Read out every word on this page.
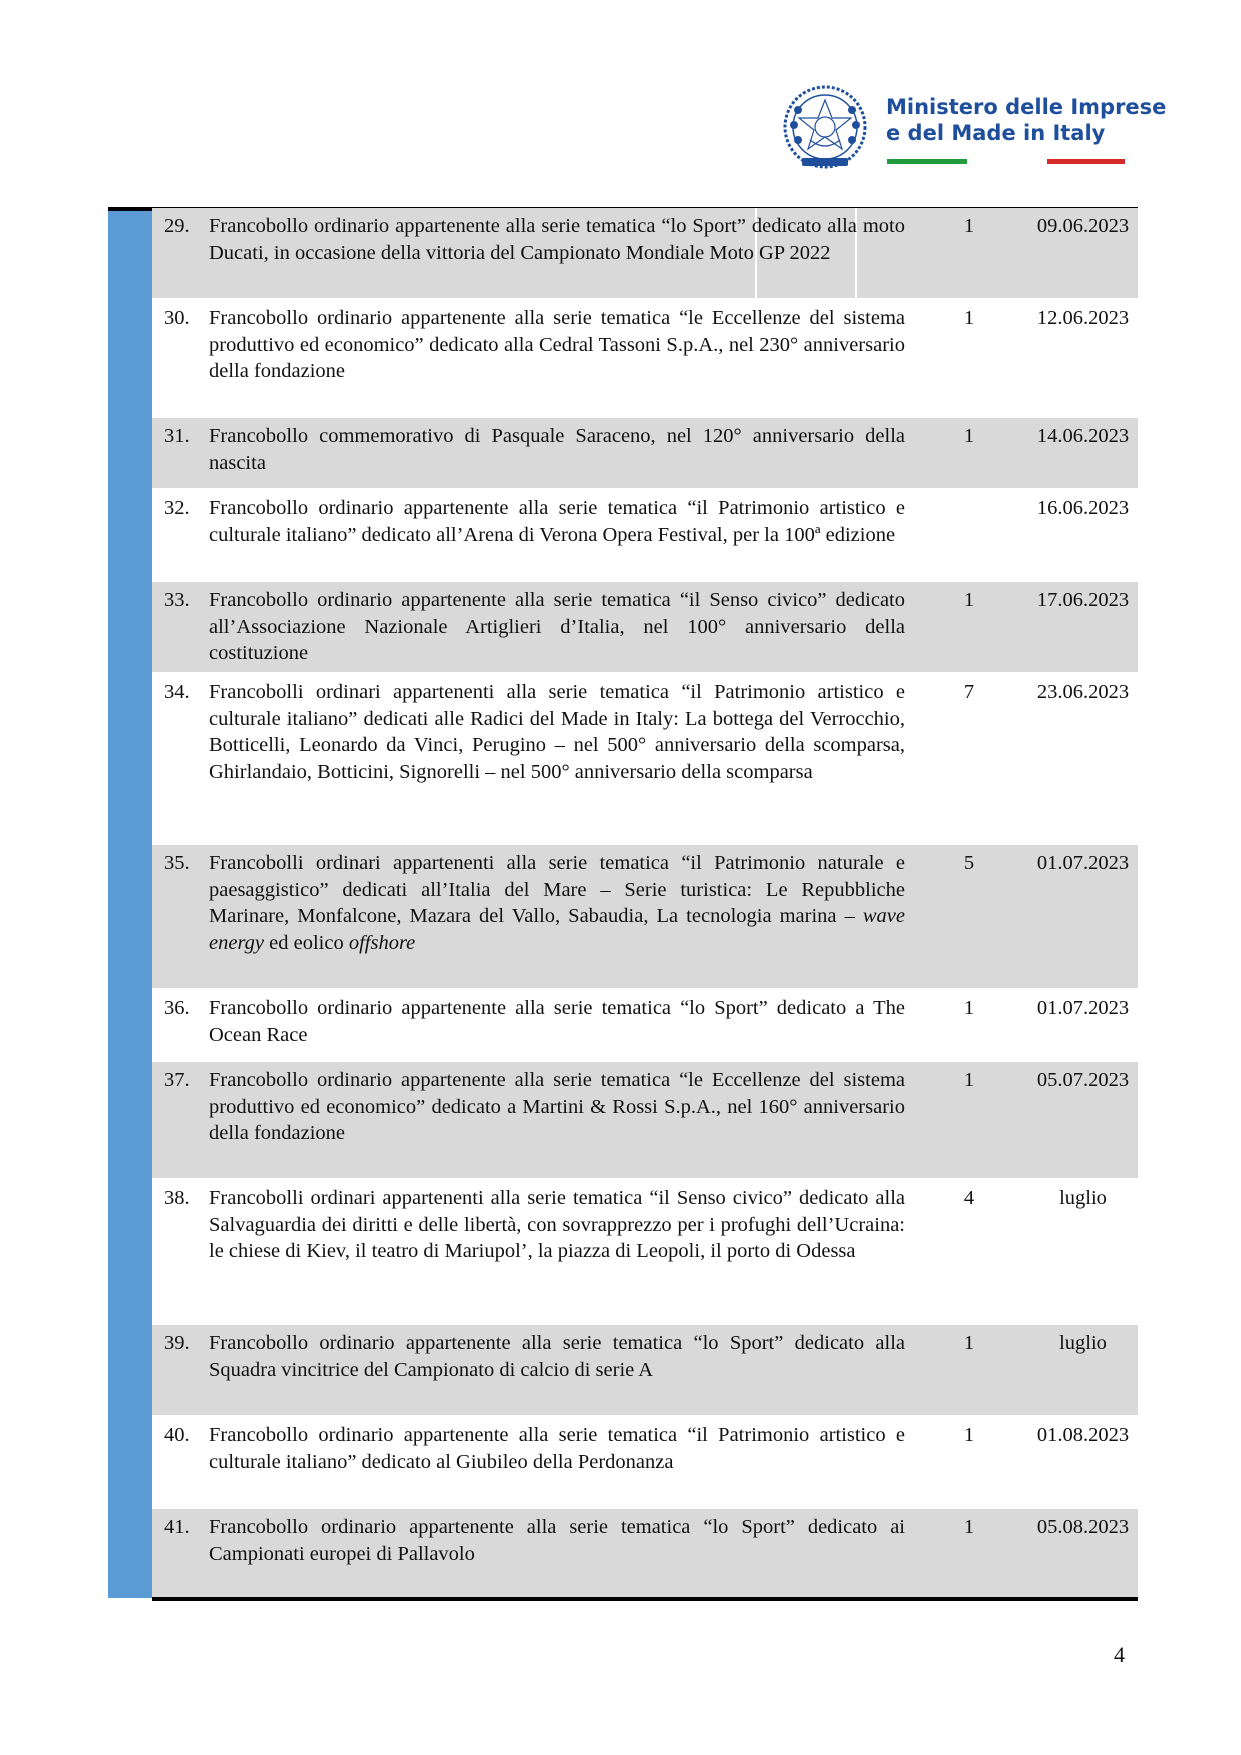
Ministero delle Imprese
e del Made in Italy
29. Francobollo ordinario appartenente alla serie tematica “lo Sport” dedicato alla moto Ducati, in occasione della vittoria del Campionato Mondiale Moto GP 2022
1	09.06.2023
30. Francobollo ordinario appartenente alla serie tematica “le Eccellenze del sistema produttivo ed economico” dedicato alla Cedral Tassoni S.p.A., nel 230° anniversario della fondazione
1	12.06.2023
31. Francobollo commemorativo di Pasquale Saraceno, nel 120° anniversario della nascita
1	14.06.2023
32. Francobollo ordinario appartenente alla serie tematica “il Patrimonio artistico e culturale italiano” dedicato all’Arena di Verona Opera Festival, per la 100ª edizione
16.06.2023
33. Francobollo ordinario appartenente alla serie tematica “il Senso civico” dedicato all’Associazione Nazionale Artiglieri d’Italia, nel 100° anniversario della costituzione
1	17.06.2023
34. Francobolli ordinari appartenenti alla serie tematica “il Patrimonio artistico e culturale italiano” dedicati alle Radici del Made in Italy: La bottega del Verrocchio, Botticelli, Leonardo da Vinci, Perugino – nel 500° anniversario della scomparsa, Ghirlandaio, Botticini, Signorelli – nel 500° anniversario della scomparsa
7	23.06.2023
35. Francobolli ordinari appartenenti alla serie tematica “il Patrimonio naturale e paesaggistico” dedicati all’Italia del Mare – Serie turistica: Le Repubbliche Marinare, Monfalcone, Mazara del Vallo, Sabaudia, La tecnologia marina – wave energy ed eolico offshore
5	01.07.2023
36. Francobollo ordinario appartenente alla serie tematica “lo Sport” dedicato a The Ocean Race
1	01.07.2023
37. Francobollo ordinario appartenente alla serie tematica “le Eccellenze del sistema produttivo ed economico” dedicato a Martini & Rossi S.p.A., nel 160° anniversario della fondazione
1	05.07.2023
38. Francobolli ordinari appartenenti alla serie tematica “il Senso civico” dedicato alla Salvaguardia dei diritti e delle libertà, con sovrapprezzo per i profughi dell’Ucraina: le chiese di Kiev, il teatro di Mariupol’, la piazza di Leopoli, il porto di Odessa
4	luglio
39. Francobollo ordinario appartenente alla serie tematica “lo Sport” dedicato alla Squadra vincitrice del Campionato di calcio di serie A
1	luglio
40. Francobollo ordinario appartenente alla serie tematica “il Patrimonio artistico e culturale italiano” dedicato al Giubileo della Perdonanza
1	01.08.2023
41. Francobollo ordinario appartenente alla serie tematica “lo Sport” dedicato ai Campionati europei di Pallavolo
1	05.08.2023
4
